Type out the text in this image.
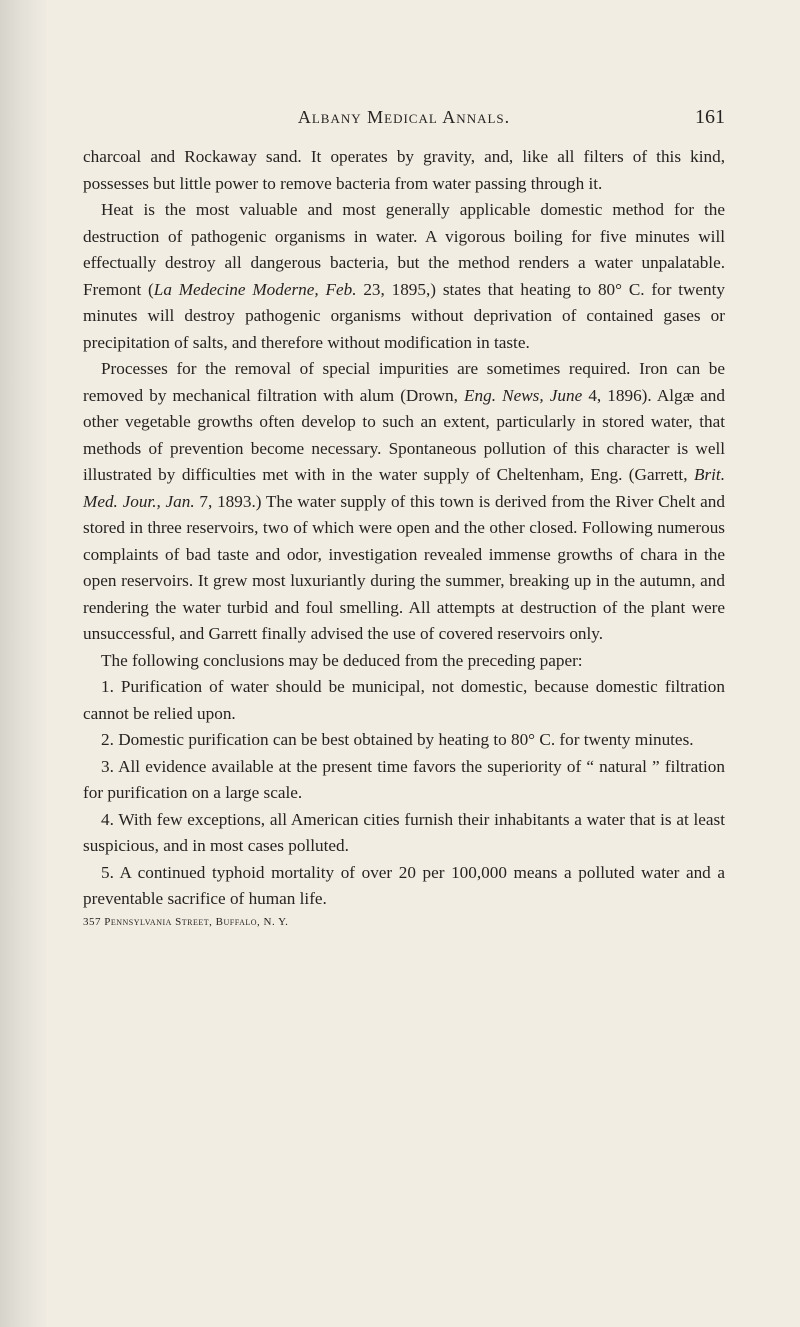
Albany Medical Annals.	161

charcoal and Rockaway sand. It operates by gravity, and, like all filters of this kind, possesses but little power to remove bacteria from water passing through it.

Heat is the most valuable and most generally applicable domestic method for the destruction of pathogenic organisms in water. A vigorous boiling for five minutes will effectually destroy all dangerous bacteria, but the method renders a water unpalatable. Fremont (La Medecine Moderne, Feb. 23, 1895,) states that heating to 80° C. for twenty minutes will destroy pathogenic organisms without deprivation of contained gases or precipitation of salts, and therefore without modification in taste.

Processes for the removal of special impurities are sometimes required. Iron can be removed by mechanical filtration with alum (Drown, Eng. News, June 4, 1896). Algæ and other vegetable growths often develop to such an extent, particularly in stored water, that methods of prevention become necessary. Spontaneous pollution of this character is well illustrated by difficulties met with in the water supply of Cheltenham, Eng. (Garrett, Brit. Med. Jour., Jan. 7, 1893.) The water supply of this town is derived from the River Chelt and stored in three reservoirs, two of which were open and the other closed. Following numerous complaints of bad taste and odor, investigation revealed immense growths of chara in the open reservoirs. It grew most luxuriantly during the summer, breaking up in the autumn, and rendering the water turbid and foul smelling. All attempts at destruction of the plant were unsuccessful, and Garrett finally advised the use of covered reservoirs only.

The following conclusions may be deduced from the preceding paper:

1. Purification of water should be municipal, not domestic, because domestic filtration cannot be relied upon.

2. Domestic purification can be best obtained by heating to 80° C. for twenty minutes.

3. All evidence available at the present time favors the superiority of “ natural ” filtration for purification on a large scale.

4. With few exceptions, all American cities furnish their inhabitants a water that is at least suspicious, and in most cases polluted.

5. A continued typhoid mortality of over 20 per 100,000 means a polluted water and a preventable sacrifice of human life.

357 Pennsylvania Street, Buffalo, N. Y.
